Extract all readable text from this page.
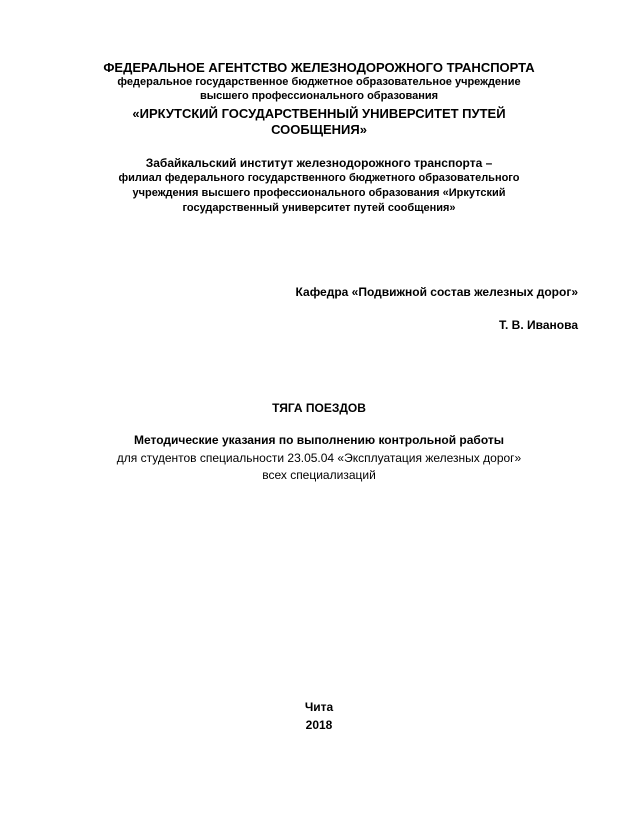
ФЕДЕРАЛЬНОЕ АГЕНТСТВО ЖЕЛЕЗНОДОРОЖНОГО ТРАНСПОРТА
федеральное государственное бюджетное образовательное учреждение
высшего профессионального образования
«ИРКУТСКИЙ ГОСУДАРСТВЕННЫЙ УНИВЕРСИТЕТ ПУТЕЙ
СООБЩЕНИЯ»
Забайкальский институт железнодорожного транспорта –
филиал федерального государственного бюджетного образовательного
учреждения высшего профессионального образования «Иркутский
государственный университет путей сообщения»
Кафедра «Подвижной состав железных дорог»
Т. В. Иванова
ТЯГА ПОЕЗДОВ
Методические указания по выполнению контрольной работы
для студентов специальности 23.05.04 «Эксплуатация железных дорог»
всех специализаций
Чита
2018
